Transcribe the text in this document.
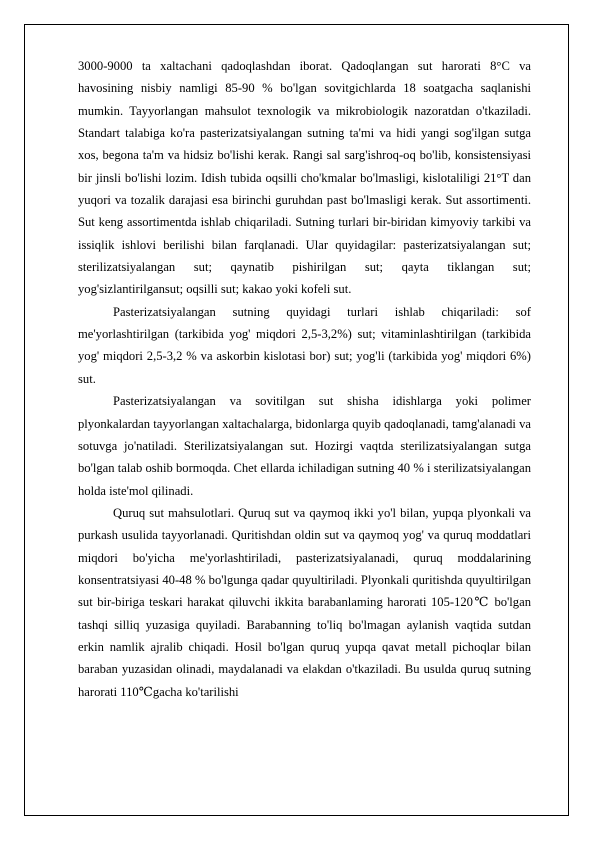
3000-9000 ta xaltachani qadoqlashdan iborat. Qadoqlangan sut harorati 8°C va havosining nisbiy namligi 85-90 % bo'lgan sovitgichlarda 18 soatgacha saqlanishi mumkin. Tayyorlangan mahsulot texnologik va mikrobiologik nazoratdan o'tkaziladi. Standart talabiga ko'ra pasterizatsiyalangan sutning ta'mi va hidi yangi sog'ilgan sutga xos, begona ta'm va hidsiz bo'lishi kerak. Rangi sal sarg'ishroq-oq bo'lib, konsistensiyasi bir jinsli bo'lishi lozim. Idish tubida oqsilli cho'kmalar bo'lmasligi, kislotaliligi 21°T dan yuqori va tozalik darajasi esa birinchi guruhdan past bo'lmasligi kerak. Sut assortimenti. Sut keng assortimentda ishlab chiqariladi. Sutning turlari bir-biridan kimyoviy tarkibi va issiqlik ishlovi berilishi bilan farqlanadi. Ular quyidagilar: pasterizatsiyalangan sut; sterilizatsiyalangan sut; qaynatib pishirilgan sut; qayta tiklangan sut; yog'sizlantirilgansut; oqsilli sut; kakao yoki kofeli sut.

Pasterizatsiyalangan sutning quyidagi turlari ishlab chiqariladi: sof me'yorlashtirilgan (tarkibida yog' miqdori 2,5-3,2%) sut; vitaminlashtirilgan (tarkibida yog' miqdori 2,5-3,2 % va askorbin kislotasi bor) sut; yog'li (tarkibida yog' miqdori 6%) sut.

Pasterizatsiyalangan va sovitilgan sut shisha idishlarga yoki polimer plyonkalardan tayyorlangan xaltachalarga, bidonlarga quyib qadoqlanadi, tamg'alanadi va sotuvga jo'natiladi. Sterilizatsiyalangan sut. Hozirgi vaqtda sterilizatsiyalangan sutga bo'lgan talab oshib bormoqda. Chet ellarda ichiladigan sutning 40 % i sterilizatsiyalangan holda iste'mol qilinadi.

Quruq sut mahsulotlari. Quruq sut va qaymoq ikki yo'l bilan, yupqa plyonkali va purkash usulida tayyorlanadi. Quritishdan oldin sut va qaymoq yog' va quruq moddatlari miqdori bo'yicha me'yorlashtiriladi, pasterizatsiyalanadi, quruq moddalarining konsentratsiyasi 40-48 % bo'lgunga qadar quyultiriladi. Plyonkali quritishda quyultirilgan sut bir-biriga teskari harakat qiluvchi ikkita barabanlaming harorati 105-120℃ bo'lgan tashqi silliq yuzasiga quyiladi. Barabanning to'liq bo'lmagan aylanish vaqtida sutdan erkin namlik ajralib chiqadi. Hosil bo'lgan quruq yupqa qavat metall pichoqlar bilan baraban yuzasidan olinadi, maydalanadi va elakdan o'tkaziladi. Bu usulda quruq sutning harorati 110℃gacha ko'tarilishi
